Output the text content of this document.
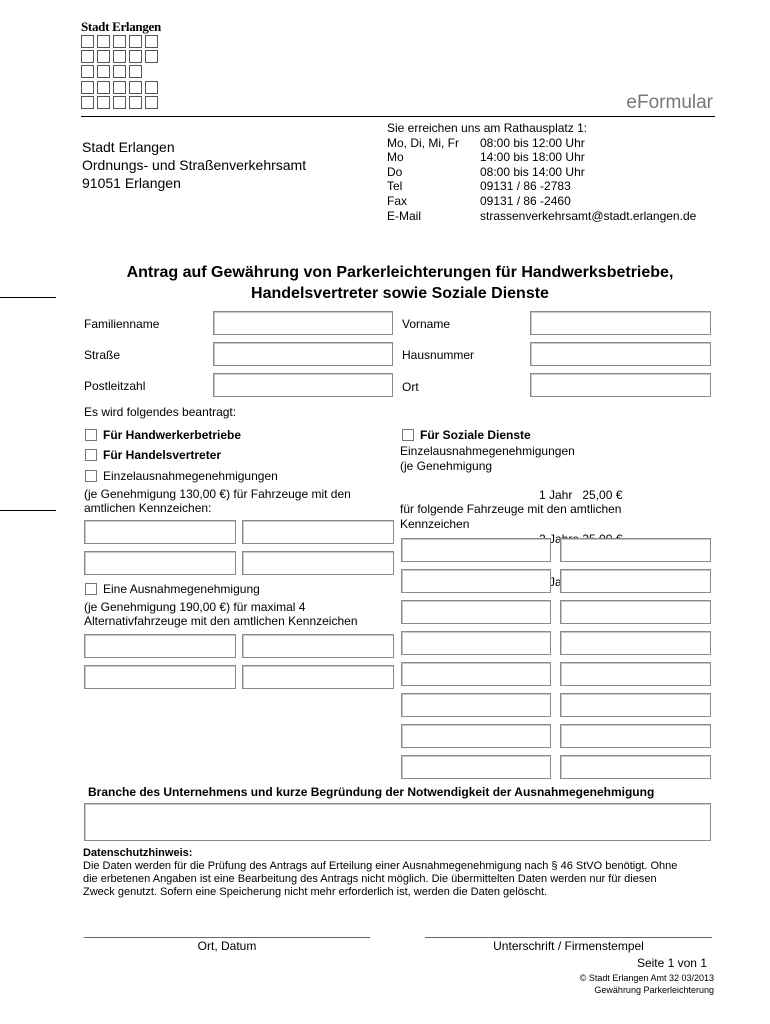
Stadt Erlangen
eFormular
Stadt Erlangen
Ordnungs- und Straßenverkehrsamt
91051 Erlangen
Sie erreichen uns am Rathausplatz 1:
Mo, Di, Mi, Fr	08:00 bis 12:00 Uhr
Mo	14:00 bis 18:00 Uhr
Do	08:00 bis 14:00 Uhr
Tel	09131 / 86 -2783
Fax	09131 / 86 -2460
E-Mail	strassenverkehrsamt@stadt.erlangen.de
Antrag auf Gewährung von Parkerleichterungen für Handwerksbetriebe,
Handelsvertreter sowie Soziale Dienste
Familienname	Vorname
Straße	Hausnummer
Postleitzahl	Ort
Es wird folgendes beantragt:
Für Handwerkerbetriebe
Für Handelsvertreter
Einzelausnahmegenehmigungen
(je Genehmigung 130,00 €) für Fahrzeuge mit den
amtlichen Kennzeichen:
Eine Ausnahmegenehmigung
(je Genehmigung 190,00 €) für maximal 4
Alternativfahrzeuge mit den amtlichen Kennzeichen
Für Soziale Dienste
Einzelausnahmegenehmigungen
(je Genehmigung

1 Jahr   25,00 €

für folgende Fahrzeuge mit den amtlichen
Kennzeichen
Branche des Unternehmens und kurze Begründung der Notwendigkeit der Ausnahmegenehmigung
Datenschutzhinweis:
Die Daten werden für die Prüfung des Antrags auf Erteilung einer Ausnahmegenehmigung nach § 46 StVO benötigt. Ohne
die erbetenen Angaben ist eine Bearbeitung des Antrags nicht möglich. Die übermittelten Daten werden nur für diesen
Zweck genutzt. Sofern eine Speicherung nicht mehr erforderlich ist, werden die Daten gelöscht.
Ort, Datum	Unterschrift / Firmenstempel
Seite 1 von 1
© Stadt Erlangen Amt 32 03/2013
Gewährung Parkerleichterung
